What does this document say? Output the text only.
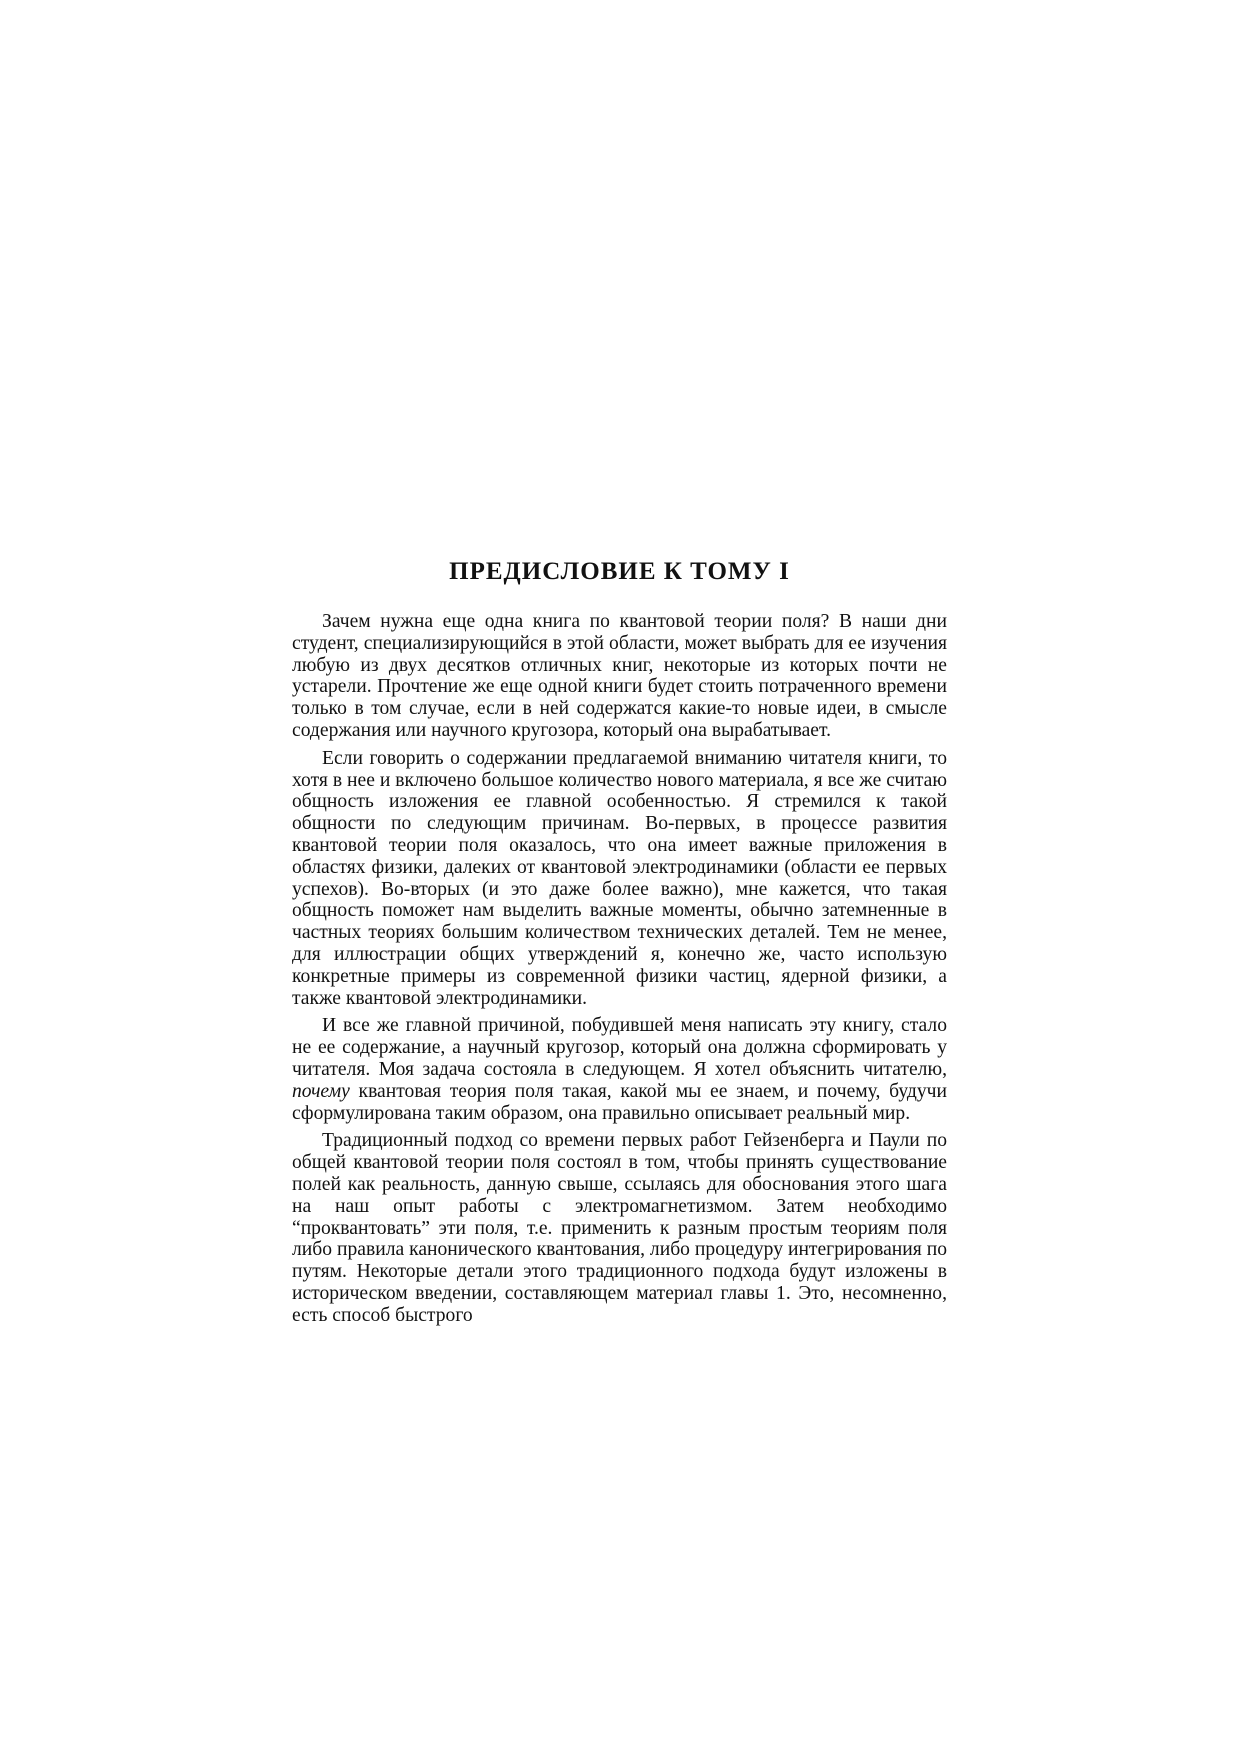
ПРЕДИСЛОВИЕ К ТОМУ I

Зачем нужна еще одна книга по квантовой теории поля? В наши дни студент, специализирующийся в этой области, может выбрать для ее изучения любую из двух десятков отличных книг, некоторые из которых почти не устарели. Прочтение же еще одной книги будет стоить потраченного времени только в том случае, если в ней содержатся какие-то новые идеи, в смысле содержания или научного кругозора, который она вырабатывает.

Если говорить о содержании предлагаемой вниманию читателя книги, то хотя в нее и включено большое количество нового материала, я все же считаю общность изложения ее главной особенностью. Я стремился к такой общности по следующим причинам. Во-первых, в процессе развития квантовой теории поля оказалось, что она имеет важные приложения в областях физики, далеких от квантовой электродинамики (области ее первых успехов). Во-вторых (и это даже более важно), мне кажется, что такая общность поможет нам выделить важные моменты, обычно затемненные в частных теориях большим количеством технических деталей. Тем не менее, для иллюстрации общих утверждений я, конечно же, часто использую конкретные примеры из современной физики частиц, ядерной физики, а также квантовой электродинамики.

И все же главной причиной, побудившей меня написать эту книгу, стало не ее содержание, а научный кругозор, который она должна сформировать у читателя. Моя задача состояла в следующем. Я хотел объяснить читателю, почему квантовая теория поля такая, какой мы ее знаем, и почему, будучи сформулирована таким образом, она правильно описывает реальный мир.

Традиционный подход со времени первых работ Гейзенберга и Паули по общей квантовой теории поля состоял в том, чтобы принять существование полей как реальность, данную свыше, ссылаясь для обоснования этого шага на наш опыт работы с электромагнетизмом. Затем необходимо “проквантовать” эти поля, т.е. применить к разным простым теориям поля либо правила канонического квантования, либо процедуру интегрирования по путям. Некоторые детали этого традиционного подхода будут изложены в историческом введении, составляющем материал главы 1. Это, несомненно, есть способ быстрого
